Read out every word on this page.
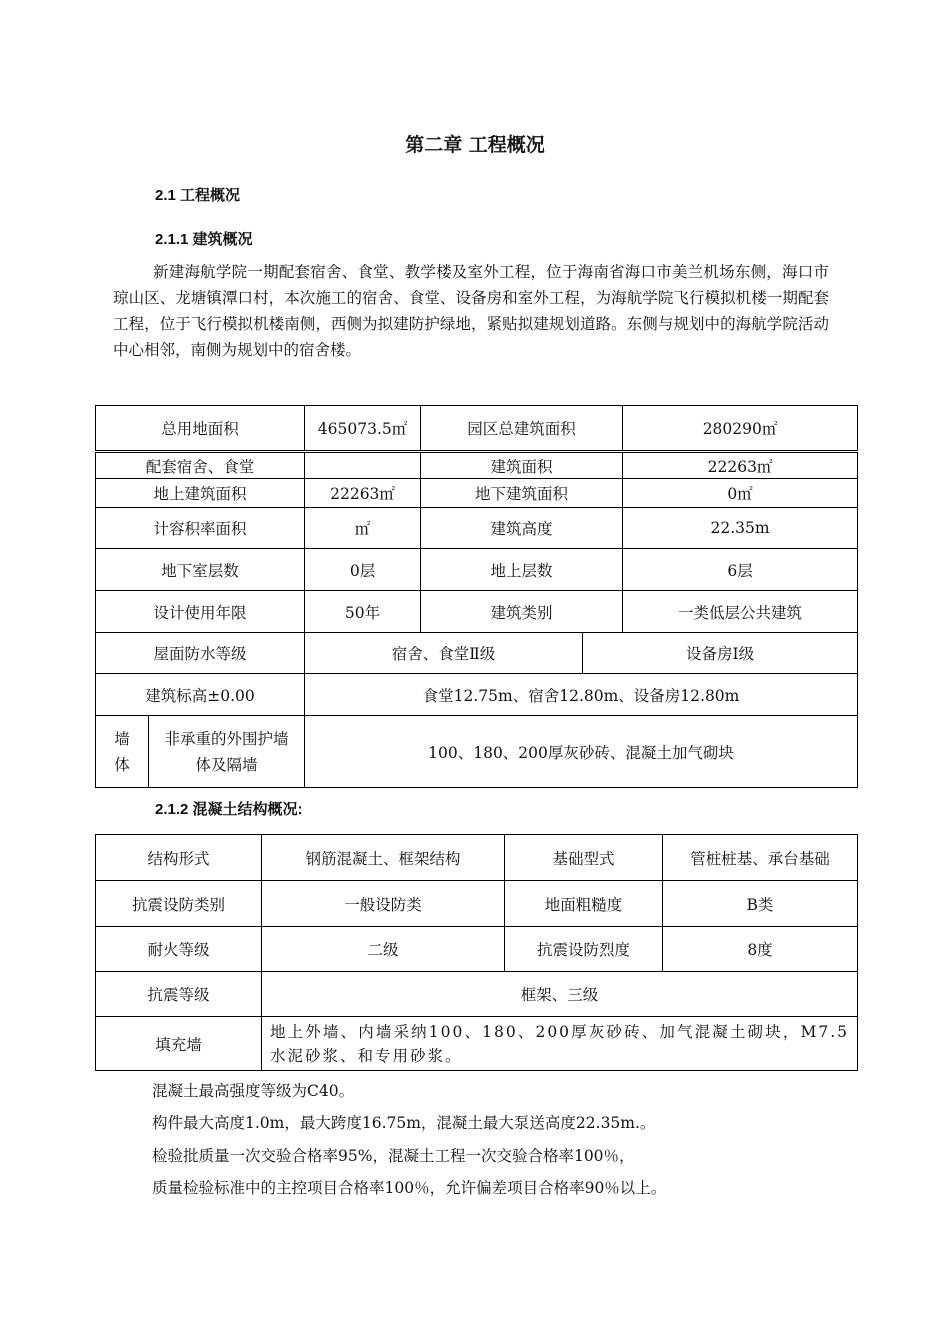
第二章 工程概况
2.1 工程概况
2.1.1 建筑概况
新建海航学院一期配套宿舍、食堂、教学楼及室外工程，位于海南省海口市美兰机场东侧，海口市琼山区、龙塘镇潭口村，本次施工的宿舍、食堂、设备房和室外工程，为海航学院飞行模拟机楼一期配套工程，位于飞行模拟机楼南侧，西侧为拟建防护绿地，紧贴拟建规划道路。东侧与规划中的海航学院活动中心相邻，南侧为规划中的宿舍楼。
总用地面积		465073.5㎡	园区总建筑面积		280290㎡
配套宿舍、食堂			建筑面积		22263㎡
地上建筑面积		22263㎡	地下建筑面积		0㎡
计容积率面积		㎡	建筑高度		22.35m
地下室层数		0层	地上层数		6层
设计使用年限		50年	建筑类别		一类低层公共建筑
屋面防水等级		宿舍、食堂Ⅱ级		设备房Ⅰ级	
建筑标高±0.00		食堂12.75m、宿舍12.80m、设备房12.80m			
墙体	非承重的外围护墙体及隔墙	100、180、200厚灰砂砖、混凝土加气砌块			
2.1.2 混凝土结构概况:
结构形式	钢筋混凝土、框架结构	基础型式	管桩桩基、承台基础
抗震设防类别	一般设防类	地面粗糙度	B类
耐火等级	二级	抗震设防烈度	8度
抗震等级	框架、三级		
填充墙	地上外墙、内墙采纳100、180、200厚灰砂砖、加气混凝土砌块，M7.5水泥砂浆、和专用砂浆。		
混凝土最高强度等级为C40。
构件最大高度1.0m，最大跨度16.75m，混凝土最大泵送高度22.35m.。
检验批质量一次交验合格率95%，混凝土工程一次交验合格率100％，
质量检验标准中的主控项目合格率100％，允许偏差项目合格率90％以上。
